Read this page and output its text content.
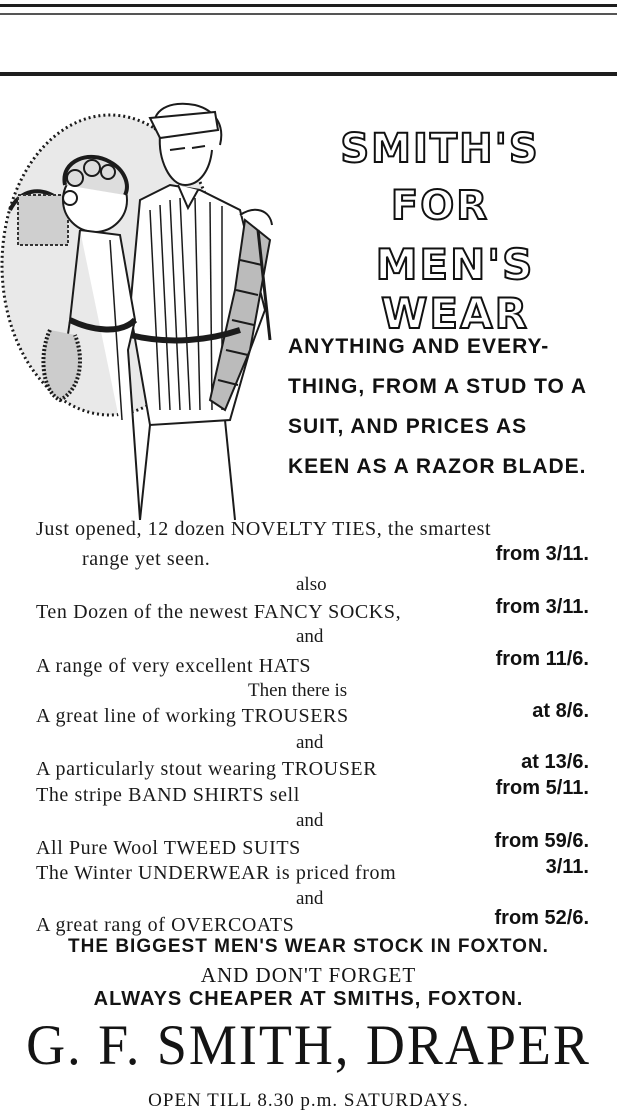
SMITH'S
FOR
MEN'S WEAR
ANYTHING AND EVERY-
THING, FROM A STUD TO A
SUIT, AND PRICES AS
KEEN AS A RAZOR BLADE.
Just opened, 12 dozen NOVELTY TIES, the smartest
range yet seen.	from 3/11.
also
Ten Dozen of the newest FANCY SOCKS,	from 3/11.
and
A range of very excellent HATS	from 11/6.
Then there is
A great line of working TROUSERS	at 8/6.
and
A particularly stout wearing TROUSER	at 13/6.
The stripe BAND SHIRTS sell	from 5/11.
and
All Pure Wool TWEED SUITS	from 59/6.
The Winter UNDERWEAR is priced from	3/11.
and
A great rang of OVERCOATS	from 52/6.
THE BIGGEST MEN'S WEAR STOCK IN FOXTON.
AND DON'T FORGET
ALWAYS CHEAPER AT SMITHS, FOXTON.
G. F. SMITH, DRAPER
OPEN TILL 8.30 p.m. SATURDAYS.
